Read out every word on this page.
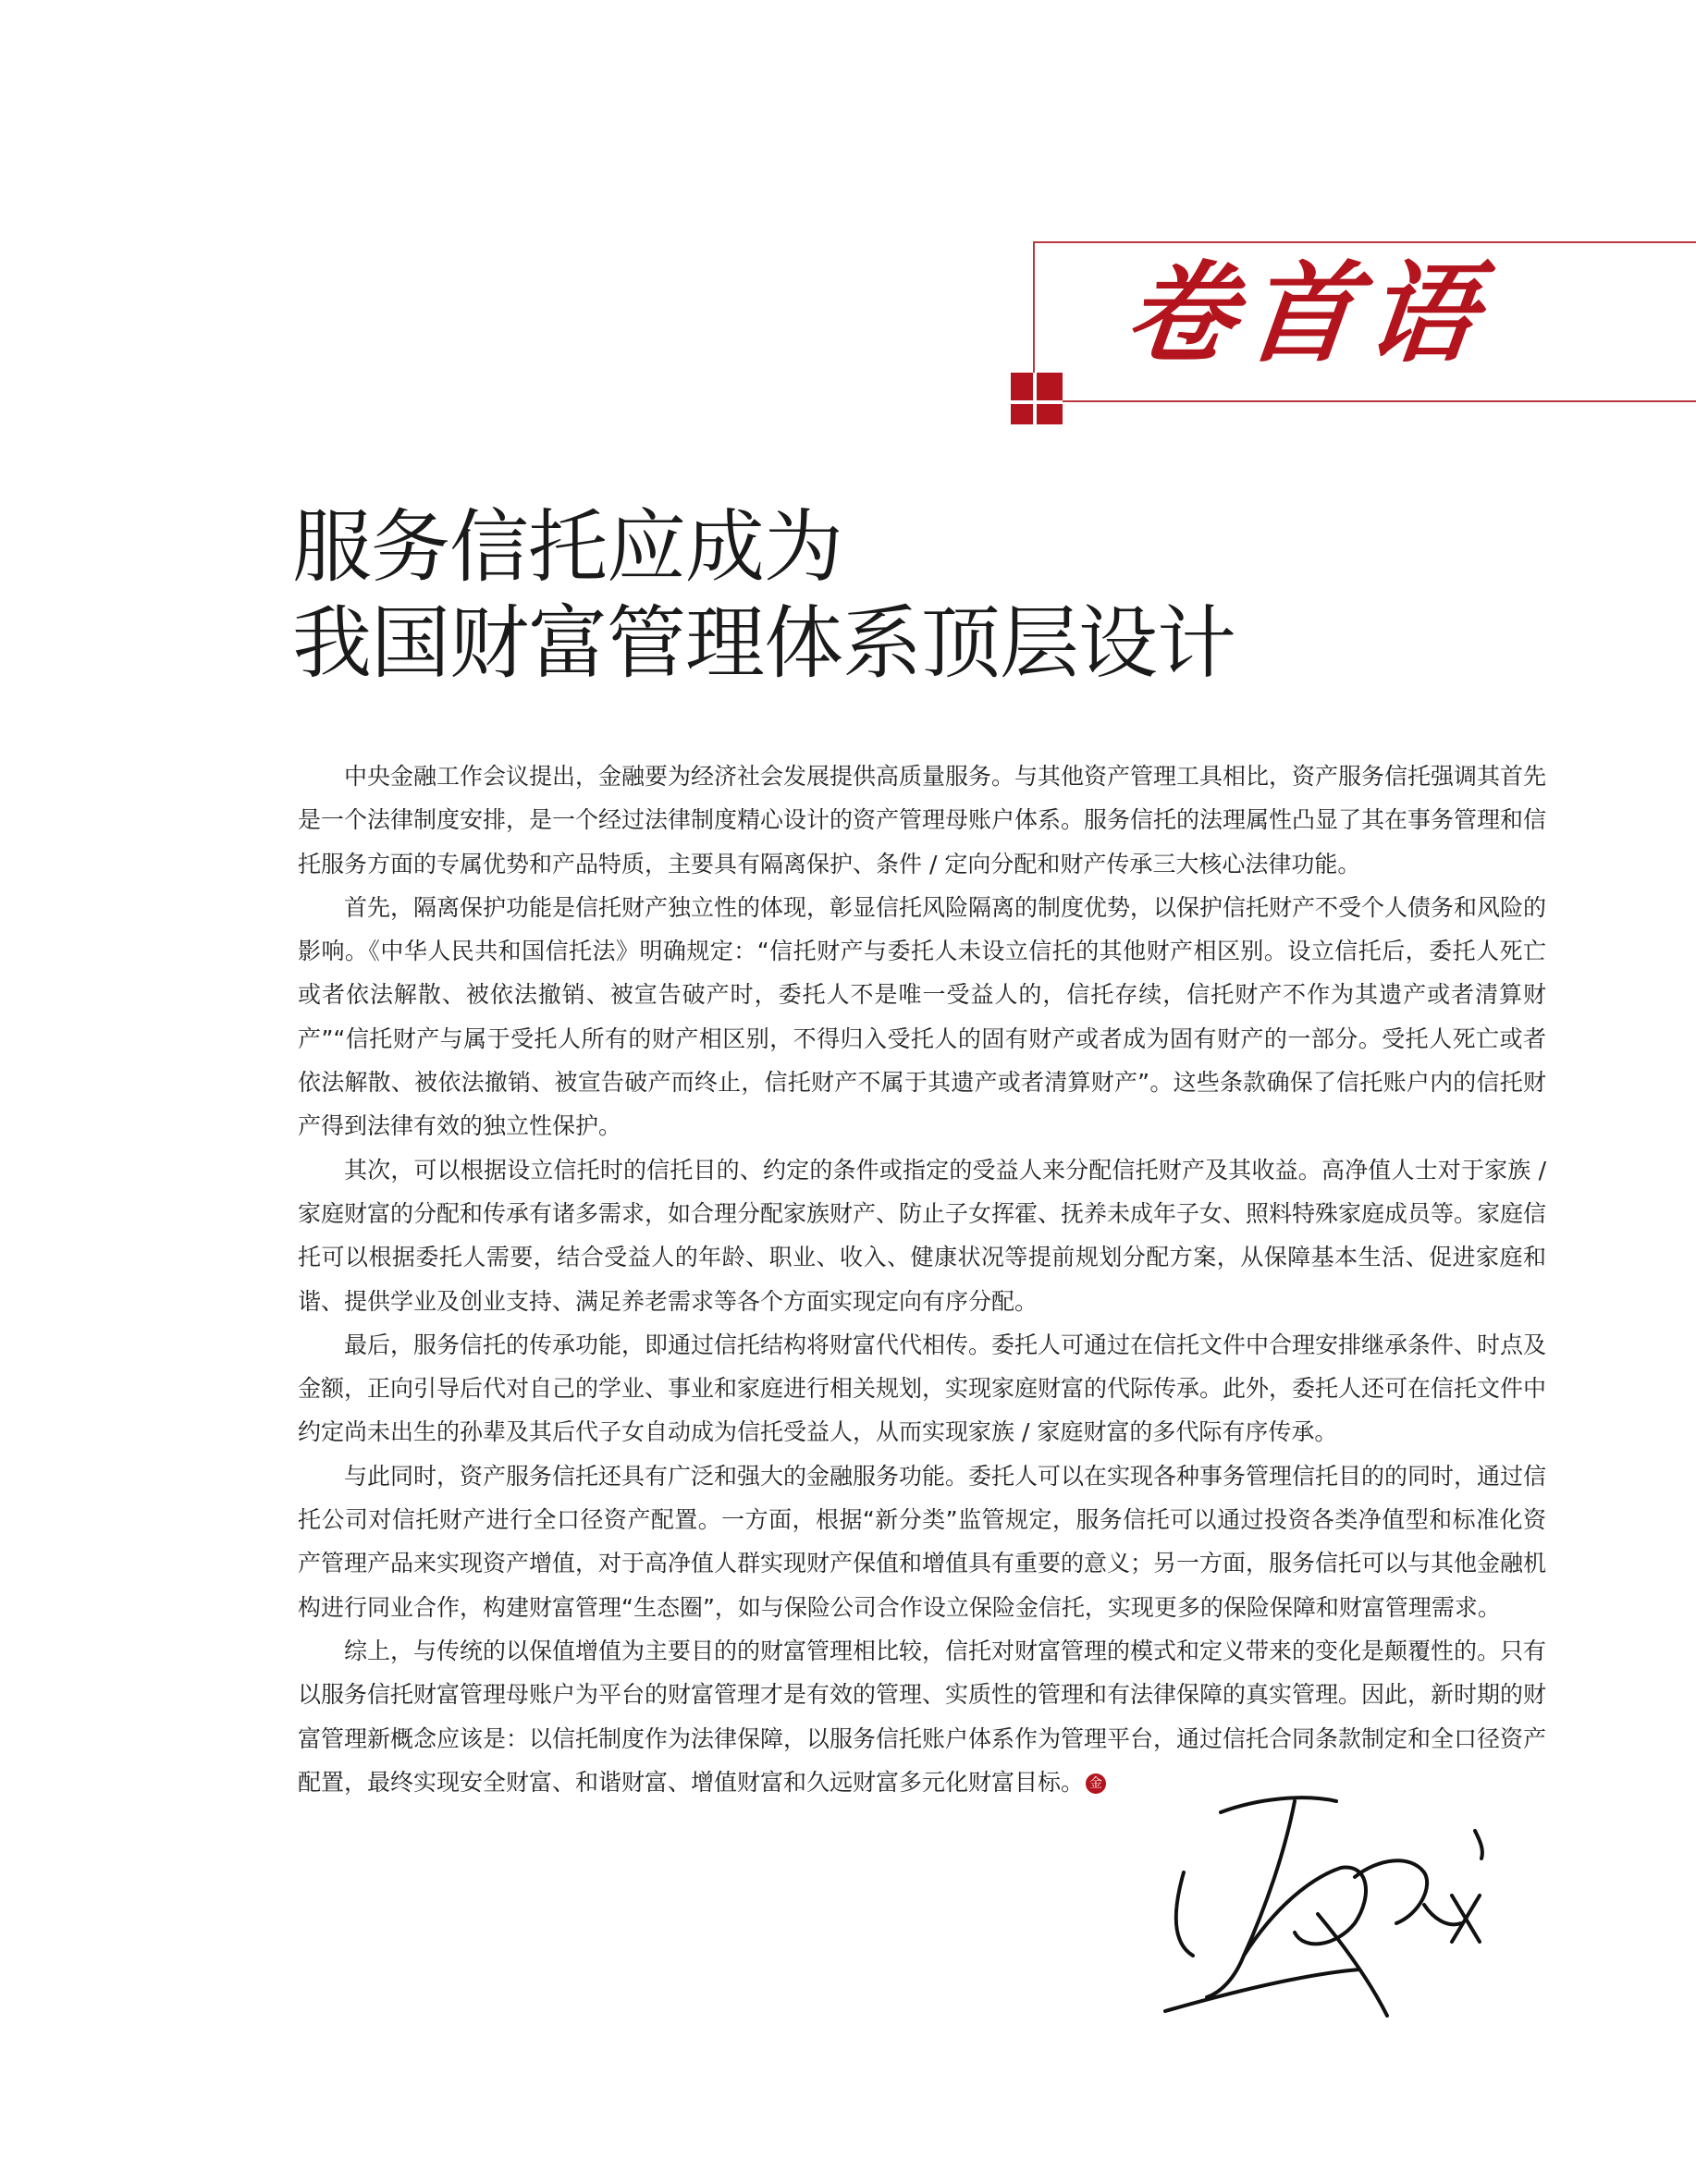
卷首语
服务信托应成为
我国财富管理体系顶层设计

中央金融工作会议提出，金融要为经济社会发展提供高质量服务。与其他资产管理工具相比，资产服务信托强调其首先是一个法律制度安排，是一个经过法律制度精心设计的资产管理母账户体系。服务信托的法理属性凸显了其在事务管理和信托服务方面的专属优势和产品特质，主要具有隔离保护、条件 / 定向分配和财产传承三大核心法律功能。

首先，隔离保护功能是信托财产独立性的体现，彰显信托风险隔离的制度优势，以保护信托财产不受个人债务和风险的影响。《中华人民共和国信托法》明确规定：“信托财产与委托人未设立信托的其他财产相区别。设立信托后，委托人死亡或者依法解散、被依法撤销、被宣告破产时，委托人不是唯一受益人的，信托存续，信托财产不作为其遗产或者清算财产”“信托财产与属于受托人所有的财产相区别，不得归入受托人的固有财产或者成为固有财产的一部分。受托人死亡或者依法解散、被依法撤销、被宣告破产而终止，信托财产不属于其遗产或者清算财产”。这些条款确保了信托账户内的信托财产得到法律有效的独立性保护。

其次，可以根据设立信托时的信托目的、约定的条件或指定的受益人来分配信托财产及其收益。高净值人士对于家族 / 家庭财富的分配和传承有诸多需求，如合理分配家族财产、防止子女挥霍、抚养未成年子女、照料特殊家庭成员等。家庭信托可以根据委托人需要，结合受益人的年龄、职业、收入、健康状况等提前规划分配方案，从保障基本生活、促进家庭和谐、提供学业及创业支持、满足养老需求等各个方面实现定向有序分配。

最后，服务信托的传承功能，即通过信托结构将财富代代相传。委托人可通过在信托文件中合理安排继承条件、时点及金额，正向引导后代对自己的学业、事业和家庭进行相关规划，实现家庭财富的代际传承。此外，委托人还可在信托文件中约定尚未出生的孙辈及其后代子女自动成为信托受益人，从而实现家族 / 家庭财富的多代际有序传承。

与此同时，资产服务信托还具有广泛和强大的金融服务功能。委托人可以在实现各种事务管理信托目的的同时，通过信托公司对信托财产进行全口径资产配置。一方面，根据“新分类”监管规定，服务信托可以通过投资各类净值型和标准化资产管理产品来实现资产增值，对于高净值人群实现财产保值和增值具有重要的意义；另一方面，服务信托可以与其他金融机构进行同业合作，构建财富管理“生态圈”，如与保险公司合作设立保险金信托，实现更多的保险保障和财富管理需求。

综上，与传统的以保值增值为主要目的的财富管理相比较，信托对财富管理的模式和定义带来的变化是颠覆性的。只有以服务信托财富管理母账户为平台的财富管理才是有效的管理、实质性的管理和有法律保障的真实管理。因此，新时期的财富管理新概念应该是：以信托制度作为法律保障，以服务信托账户体系作为管理平台，通过信托合同条款制定和全口径资产配置，最终实现安全财富、和谐财富、增值财富和久远财富多元化财富目标。 金
